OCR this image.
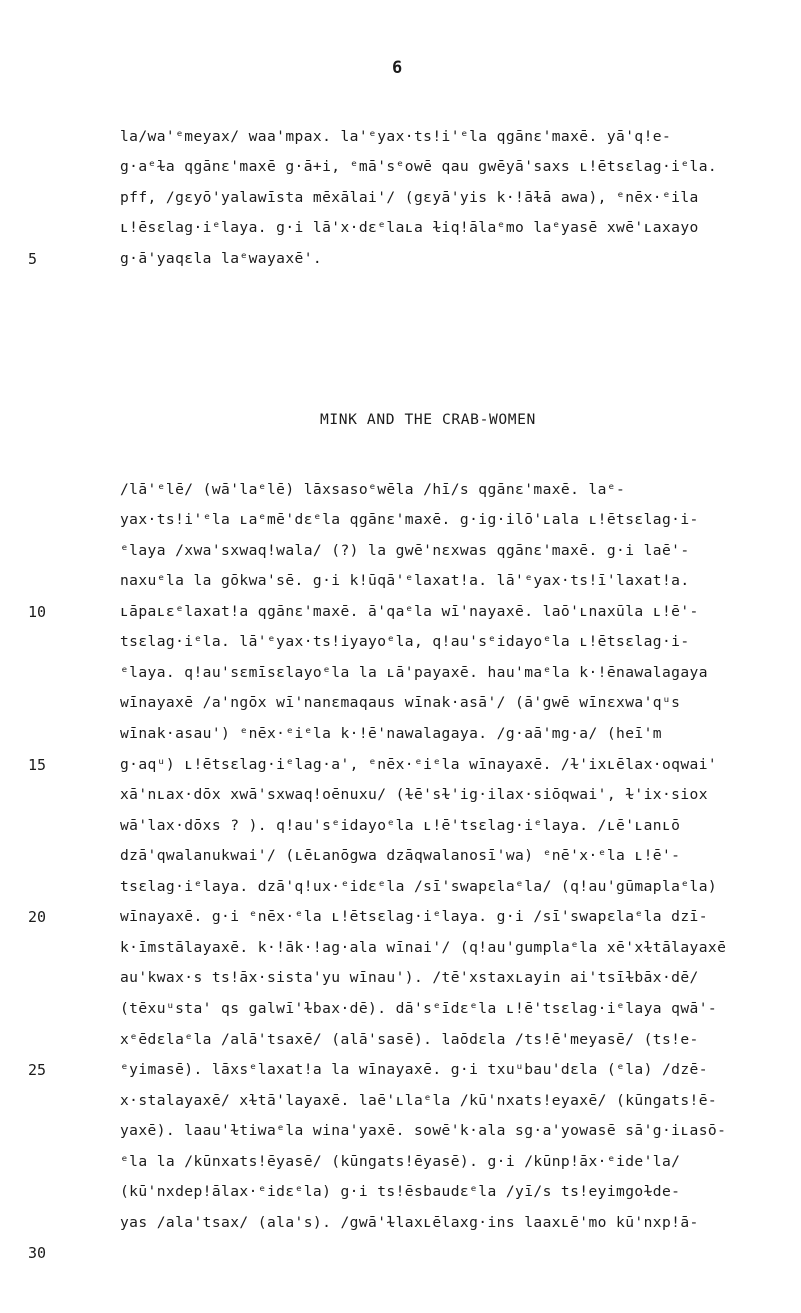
6
la/wa'ᵉmeyax/ waa'mpax. la'ᵉyax·ts!i'ᵉla qgānɛ'maxē. yā'q!e-
g·aᵉɫa qgānɛ'maxē g·ā+i, ᵉmā'sᵉowē qau gwēyā'saxs ʟ!ētsɛlag·iᵉla.
pff, /gɛyō'yalawīsta mēxālai'/ (gɛyā'yis k·!āɫā awa), ᵉnēx·ᵉila
ʟ!ēsɛlag·iᵉlaya. g·i lā'x·dɛᵉlaʟa ɫiq!ālaᵉmo laᵉyasē xwē'ʟaxayo
g·ā'yaqɛla laᵉwayaxē'.
MINK AND THE CRAB-WOMEN
/lā'ᵉlē/ (wā'laᵉlē) lāxsasoᵉwēla /hī/s qgānɛ'maxē. laᵉ-
yax·ts!i'ᵉla ʟaᵉmē'dɛᵉla qgānɛ'maxē. g·ig·ilō'ʟala ʟ!ētsɛlag·i-
ᵉlaya /xwa'sxwaq!wala/ (?) la gwē'nɛxwas qgānɛ'maxē. g·i laē'-
naxuᵉla la gōkwa'sē. g·i k!ūqā'ᵉlaxat!a. lā'ᵉyax·ts!ī'laxat!a.
ʟāpaʟɛᵉlaxat!a qgānɛ'maxē. ā'qaᵉla wī'nayaxē. laō'ʟnaxūla ʟ!ē'-
tsɛlag·iᵉla. lā'ᵉyax·ts!iyayoᵉla, q!au'sᵉidayoᵉla ʟ!ētsɛlag·i-
ᵉlaya. q!au'sɛmīsɛlayoᵉla la ʟā'payaxē. hau'maᵉla k·!ēnawalagaya
wīnayaxē /a'ngōx wī'nanɛmaqaus wīnak·asā'/ (ā'gwē wīnɛxwa'qᵘs
wīnak·asau') ᵉnēx·ᵉiᵉla k·!ē'nawalagaya. /g·aā'mg·a/ (heī'm
g·aqᵘ) ʟ!ētsɛlag·iᵉlag·a', ᵉnēx·ᵉiᵉla wīnayaxē. /ɫ'ixʟēlax·oqwai'
xā'nʟax·dōx xwā'sxwaq!oēnuxu/ (ɫē'sɫ'ig·ilax·siōqwai', ɫ'ix·siox
wā'lax·dōxs ? ). q!au'sᵉidayoᵉla ʟ!ē'tsɛlag·iᵉlaya. /ʟē'ʟanʟō
dzā'qwalanukwai'/ (ʟēʟanōgwa dzāqwalanosī'wa) ᵉnē'x·ᵉla ʟ!ē'-
tsɛlag·iᵉlaya. dzā'q!ux·ᵉidɛᵉla /sī'swapɛlaᵉla/ (q!au'gūmaplaᵉla)
wīnayaxē. g·i ᵉnēx·ᵉla ʟ!ētsɛlag·iᵉlaya. g·i /sī'swapɛlaᵉla dzī-
k·īmstālayaxē. k·!āk·!ag·ala wīnai'/ (q!au'gumplaᵉla xē'xɫtālayaxē
au'kwax·s ts!āx·sista'yu wīnau'). /tē'xstaxʟayin ai'tsīɫbāx·dē/
(tēxuᵘsta' qs galwī'ɫbax·dē). dā'sᵉīdɛᵉla ʟ!ē'tsɛlag·iᵉlaya qwā'-
xᵉēdɛlaᵉla /alā'tsaxē/ (alā'sasē). laōdɛla /ts!ē'meyasē/ (ts!e-
ᵉyimasē). lāxsᵉlaxat!a la wīnayaxē. g·i txuᵘbau'dɛla (ᵉla) /dzē-
x·stalayaxē/ xɫtā'layaxē. laē'ʟlaᵉla /kū'nxats!eyaxē/ (kūngats!ē-
yaxē). laau'ɫtiwaᵉla wina'yaxē. sowē'k·ala sg·a'yowasē sā'g·iʟasō-
ᵉla la /kūnxats!ēyasē/ (kūngats!ēyasē). g·i /kūnp!āx·ᵉide'la/
(kū'nxdep!ālax·ᵉidɛᵉla) g·i ts!ēsbaudɛᵉla /yī/s ts!eyimgoɫde-
yas /ala'tsax/ (ala's). /gwā'ɫlaxʟēlaxg·ins laaxʟē'mo kū'nxp!ā-
5
10
15
20
25
30
